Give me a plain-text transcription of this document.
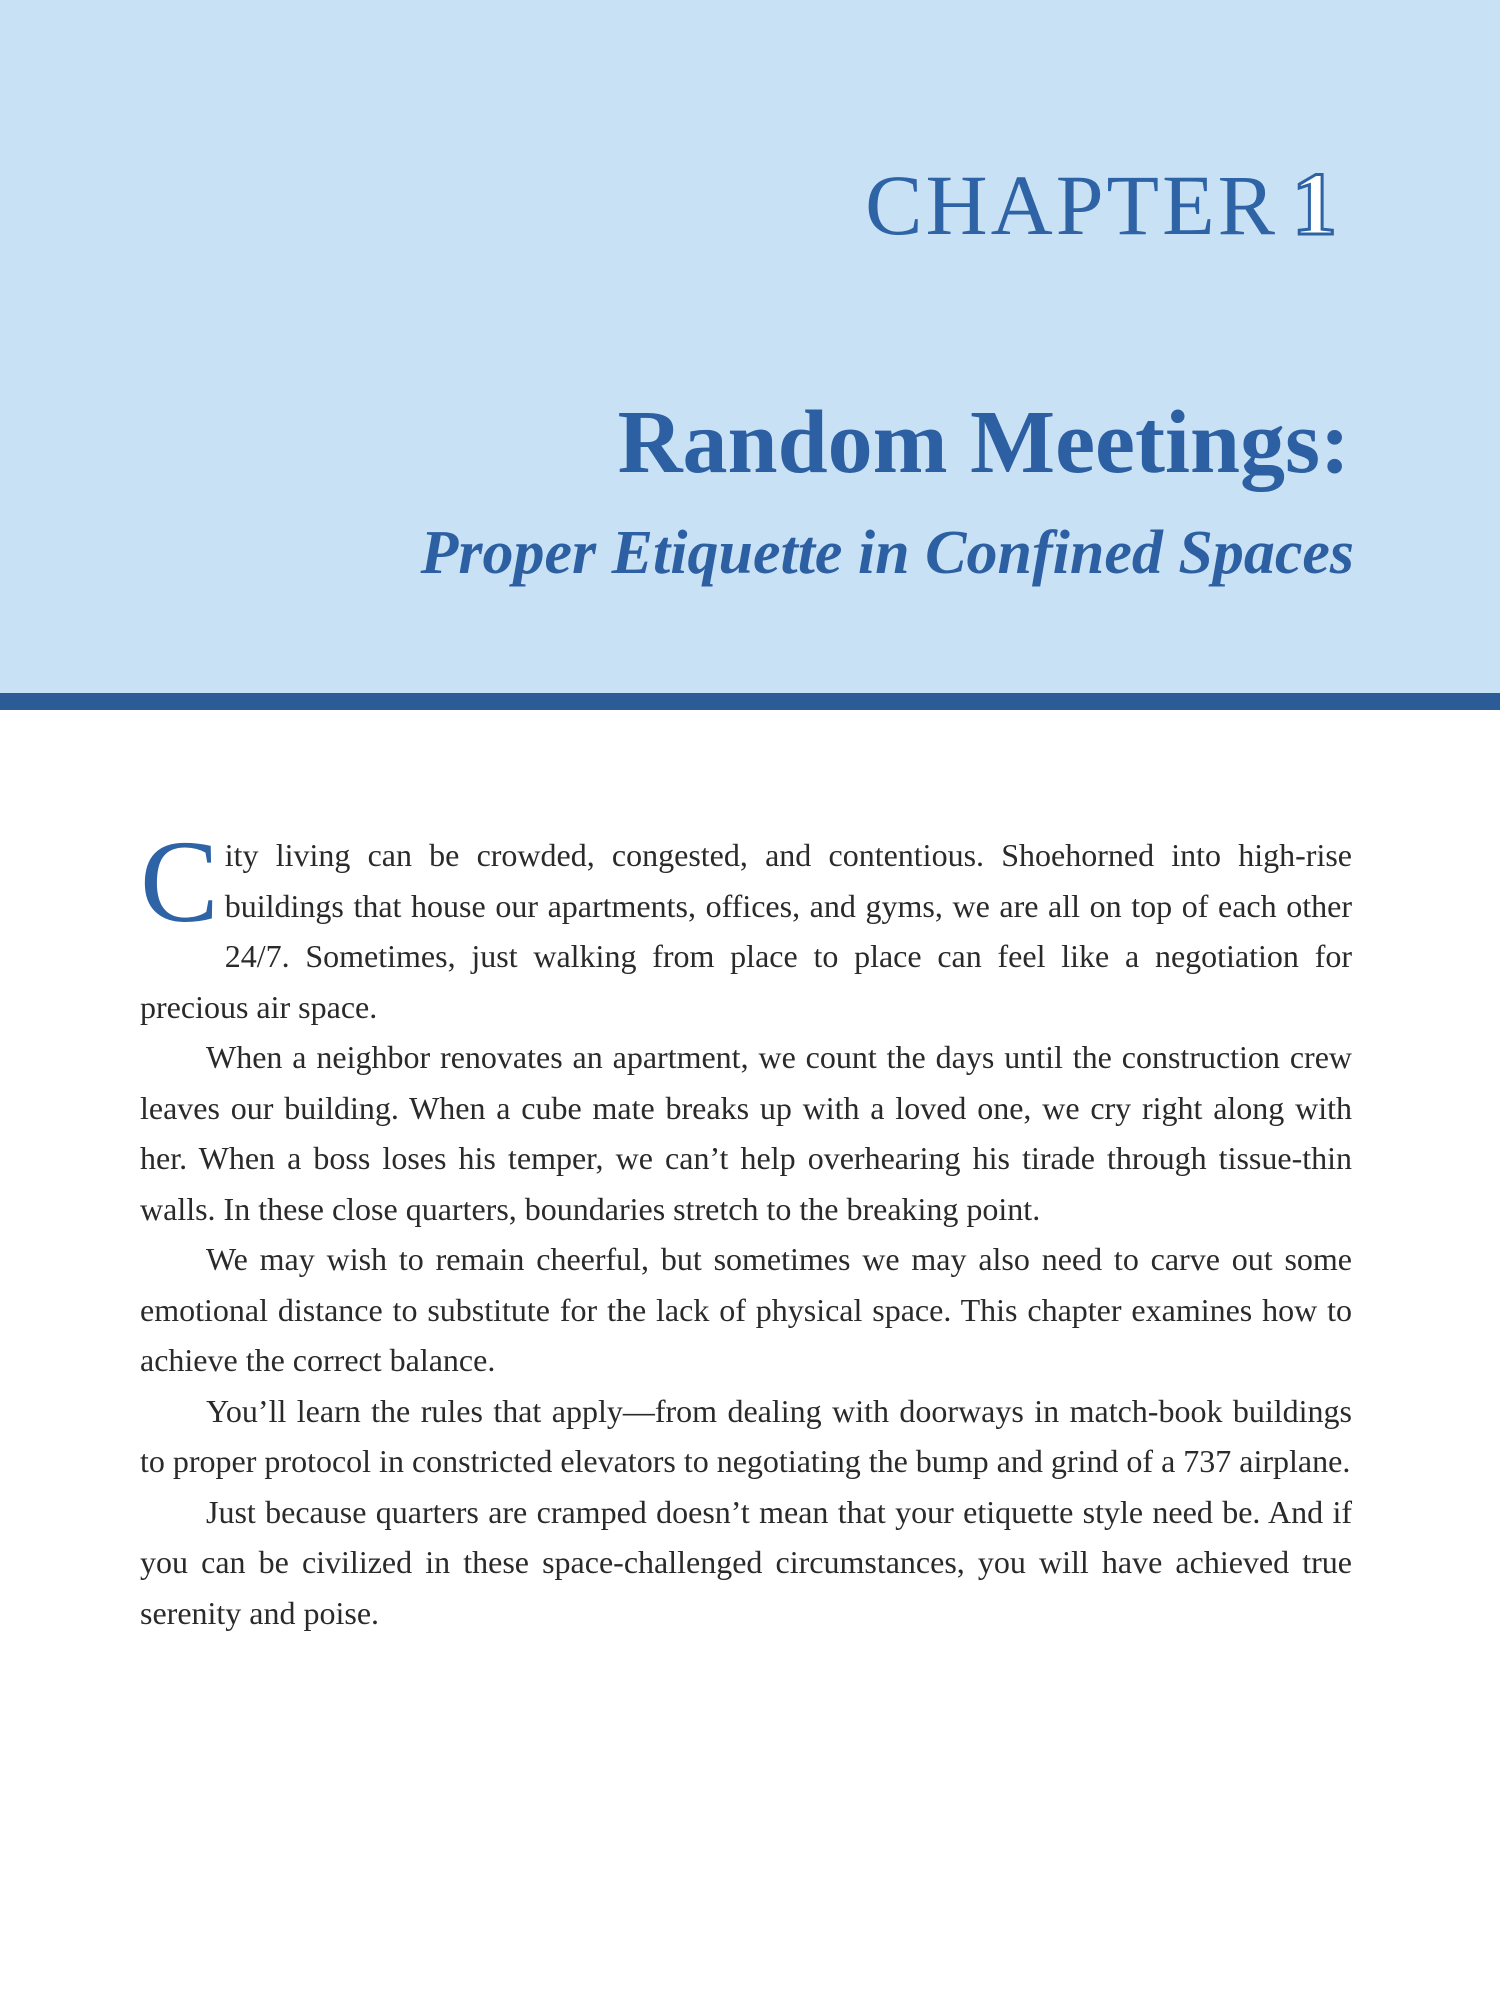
CHAPTER 1
Random Meetings:
Proper Etiquette in Confined Spaces

City living can be crowded, congested, and contentious. Shoehorned into high-rise buildings that house our apartments, offices, and gyms, we are all on top of each other 24/7. Sometimes, just walking from place to place can feel like a negotiation for precious air space.

When a neighbor renovates an apartment, we count the days until the construction crew leaves our building. When a cube mate breaks up with a loved one, we cry right along with her. When a boss loses his temper, we can’t help overhearing his tirade through tissue-thin walls. In these close quarters, boundaries stretch to the breaking point.

We may wish to remain cheerful, but sometimes we may also need to carve out some emotional distance to substitute for the lack of physical space. This chapter examines how to achieve the correct balance.

You’ll learn the rules that apply—from dealing with doorways in match-book buildings to proper protocol in constricted elevators to negotiating the bump and grind of a 737 airplane.

Just because quarters are cramped doesn’t mean that your etiquette style need be. And if you can be civilized in these space-challenged circumstances, you will have achieved true serenity and poise.
